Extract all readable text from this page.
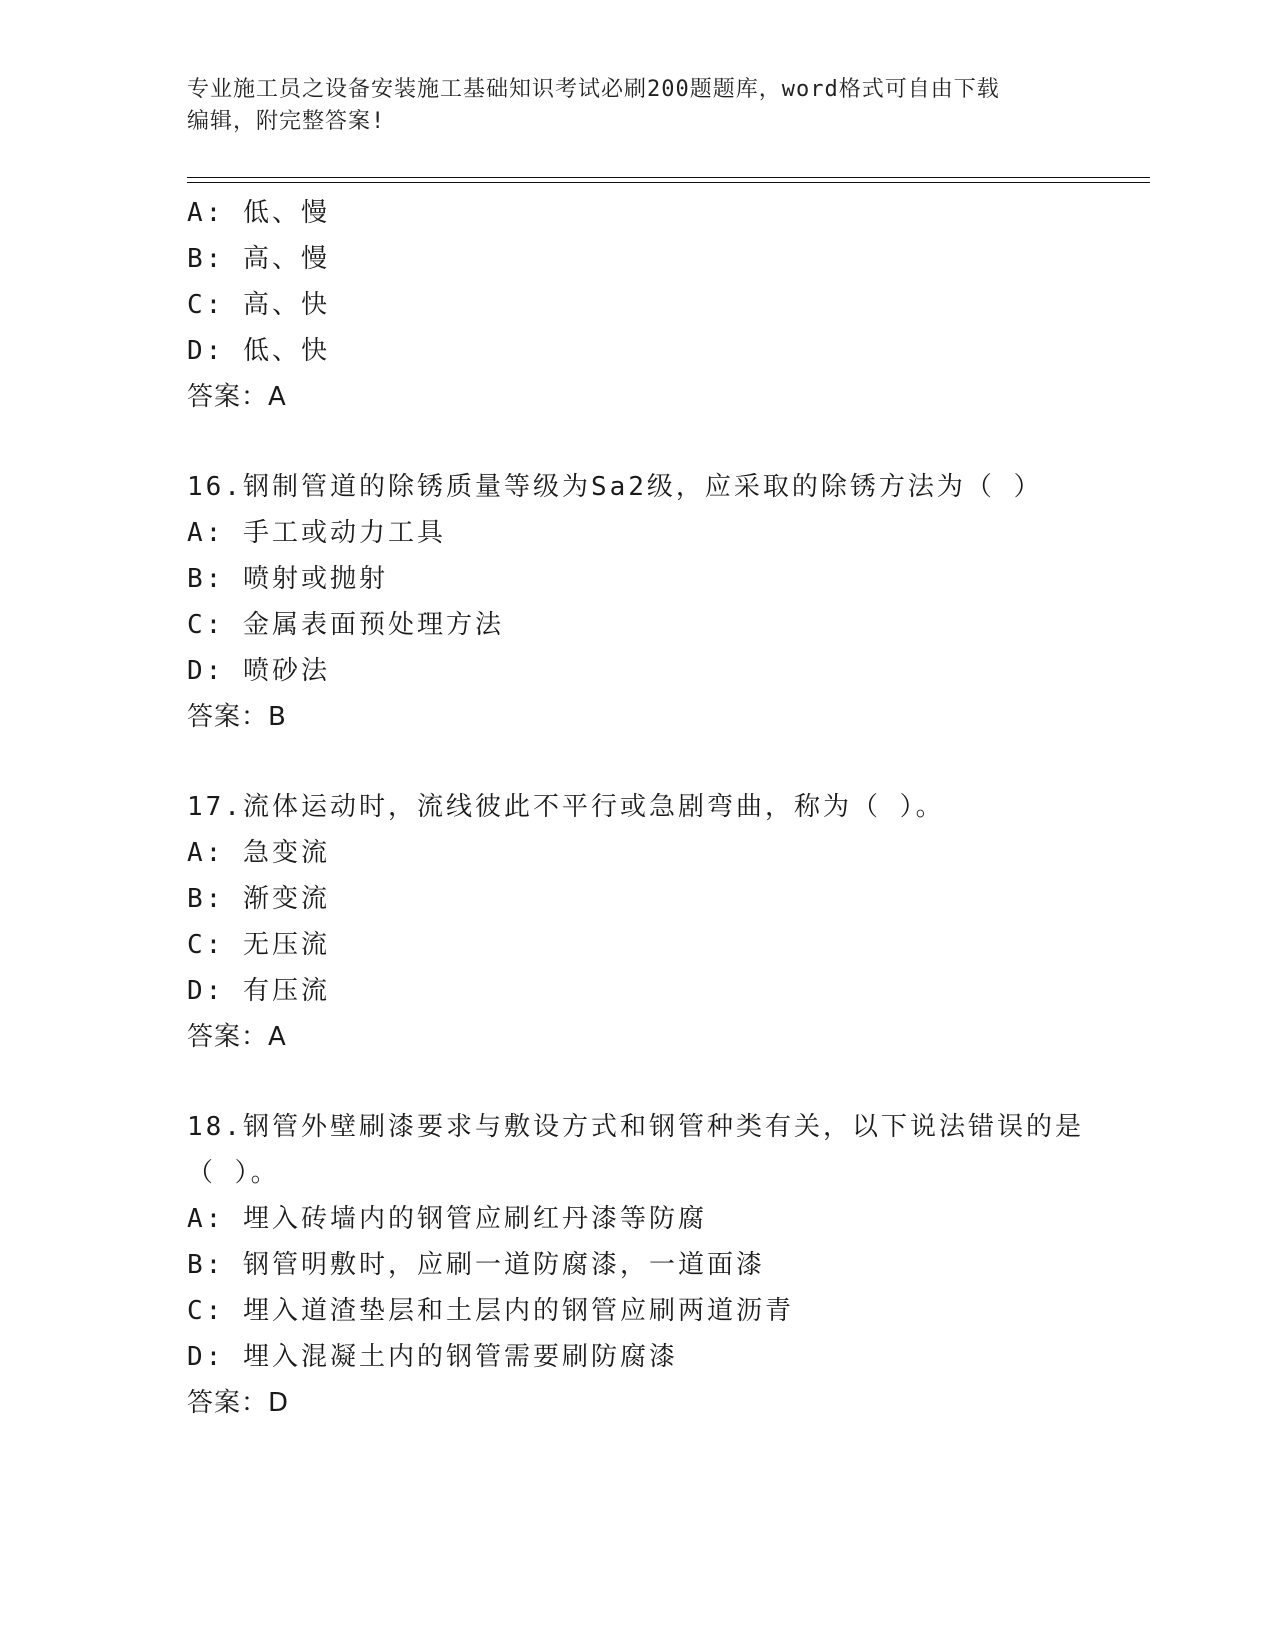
专业施工员之设备安装施工基础知识考试必刷200题题库，word格式可自由下载
编辑，附完整答案!
A: 低、慢
B: 高、慢
C: 高、快
D: 低、快
答案：A
16.钢制管道的除锈质量等级为Sa2级，应采取的除锈方法为（ ）
A: 手工或动力工具
B: 喷射或抛射
C: 金属表面预处理方法
D: 喷砂法
答案：B
17.流体运动时，流线彼此不平行或急剧弯曲，称为（ ）。
A: 急变流
B: 渐变流
C: 无压流
D: 有压流
答案：A
18.钢管外壁刷漆要求与敷设方式和钢管种类有关，以下说法错误的是
（ ）。
A: 埋入砖墙内的钢管应刷红丹漆等防腐
B: 钢管明敷时，应刷一道防腐漆，一道面漆
C: 埋入道渣垫层和土层内的钢管应刷两道沥青
D: 埋入混凝土内的钢管需要刷防腐漆
答案：D
